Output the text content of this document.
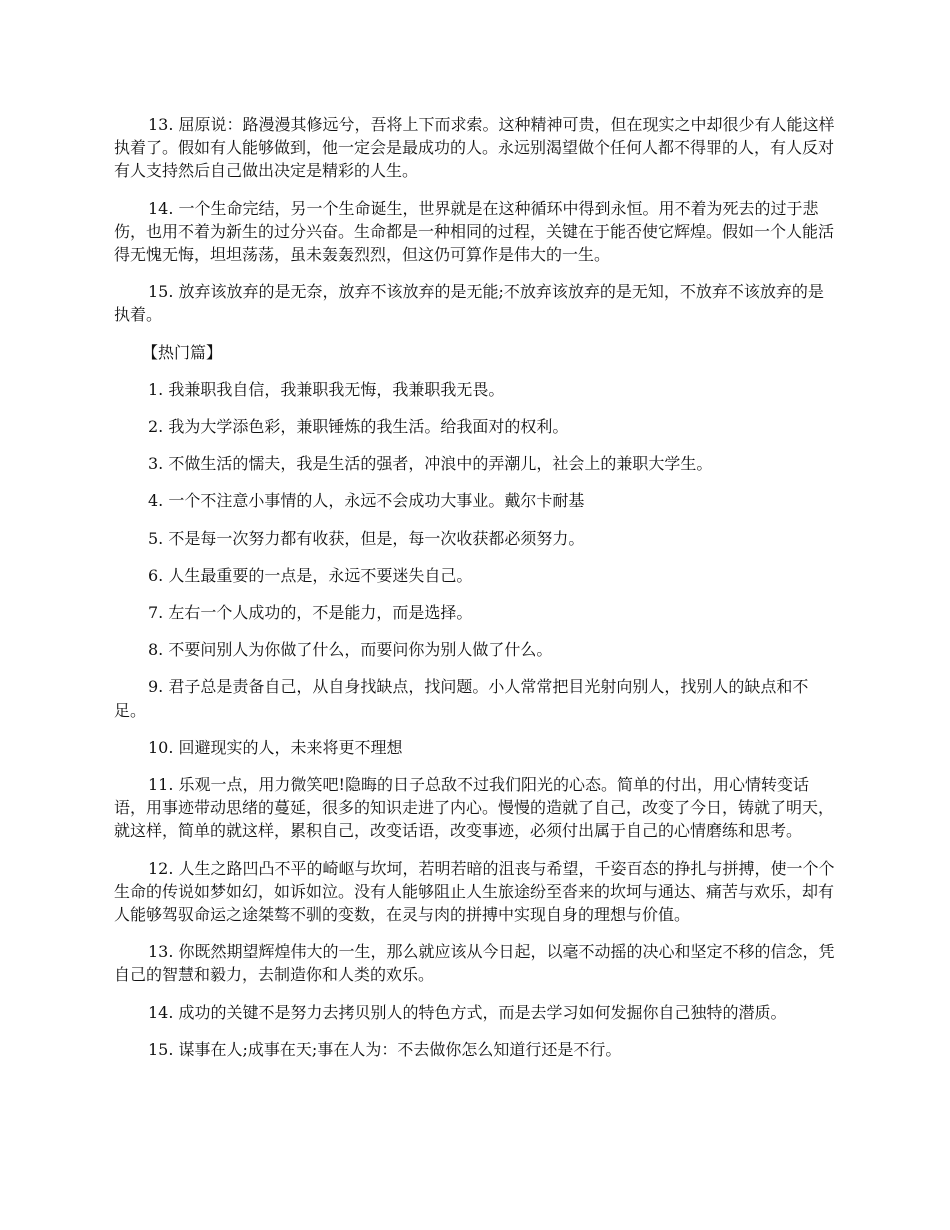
13. 屈原说：路漫漫其修远兮，吾将上下而求索。这种精神可贵，但在现实之中却很少有人能这样执着了。假如有人能够做到，他一定会是最成功的人。永远别渴望做个任何人都不得罪的人，有人反对有人支持然后自己做出决定是精彩的人生。

14. 一个生命完结，另一个生命诞生，世界就是在这种循环中得到永恒。用不着为死去的过于悲伤，也用不着为新生的过分兴奋。生命都是一种相同的过程，关键在于能否使它辉煌。假如一个人能活得无愧无悔，坦坦荡荡，虽未轰轰烈烈，但这仍可算作是伟大的一生。

15. 放弃该放弃的是无奈，放弃不该放弃的是无能;不放弃该放弃的是无知，不放弃不该放弃的是执着。

【热门篇】

1. 我兼职我自信，我兼职我无悔，我兼职我无畏。

2. 我为大学添色彩，兼职锤炼的我生活。给我面对的权利。

3. 不做生活的懦夫，我是生活的强者，冲浪中的弄潮儿，社会上的兼职大学生。

4. 一个不注意小事情的人，永远不会成功大事业。戴尔卡耐基

5. 不是每一次努力都有收获，但是，每一次收获都必须努力。

6. 人生最重要的一点是，永远不要迷失自己。

7. 左右一个人成功的，不是能力，而是选择。

8. 不要问别人为你做了什么，而要问你为别人做了什么。

9. 君子总是责备自己，从自身找缺点，找问题。小人常常把目光射向别人，找别人的缺点和不足。

10. 回避现实的人，未来将更不理想

11. 乐观一点，用力微笑吧!隐晦的日子总敌不过我们阳光的心态。简单的付出，用心情转变话语，用事迹带动思绪的蔓延，很多的知识走进了内心。慢慢的造就了自己，改变了今日，铸就了明天，就这样，简单的就这样，累积自己，改变话语，改变事迹，必须付出属于自己的心情磨练和思考。

12. 人生之路凹凸不平的崎岖与坎坷，若明若暗的沮丧与希望，千姿百态的挣扎与拼搏，使一个个生命的传说如梦如幻，如诉如泣。没有人能够阻止人生旅途纷至沓来的坎坷与通达、痛苦与欢乐，却有人能够驾驭命运之途桀骜不驯的变数，在灵与肉的拼搏中实现自身的理想与价值。

13. 你既然期望辉煌伟大的一生，那么就应该从今日起，以毫不动摇的决心和坚定不移的信念，凭自己的智慧和毅力，去制造你和人类的欢乐。

14. 成功的关键不是努力去拷贝别人的特色方式，而是去学习如何发掘你自己独特的潜质。

15. 谋事在人;成事在天;事在人为：不去做你怎么知道行还是不行。
